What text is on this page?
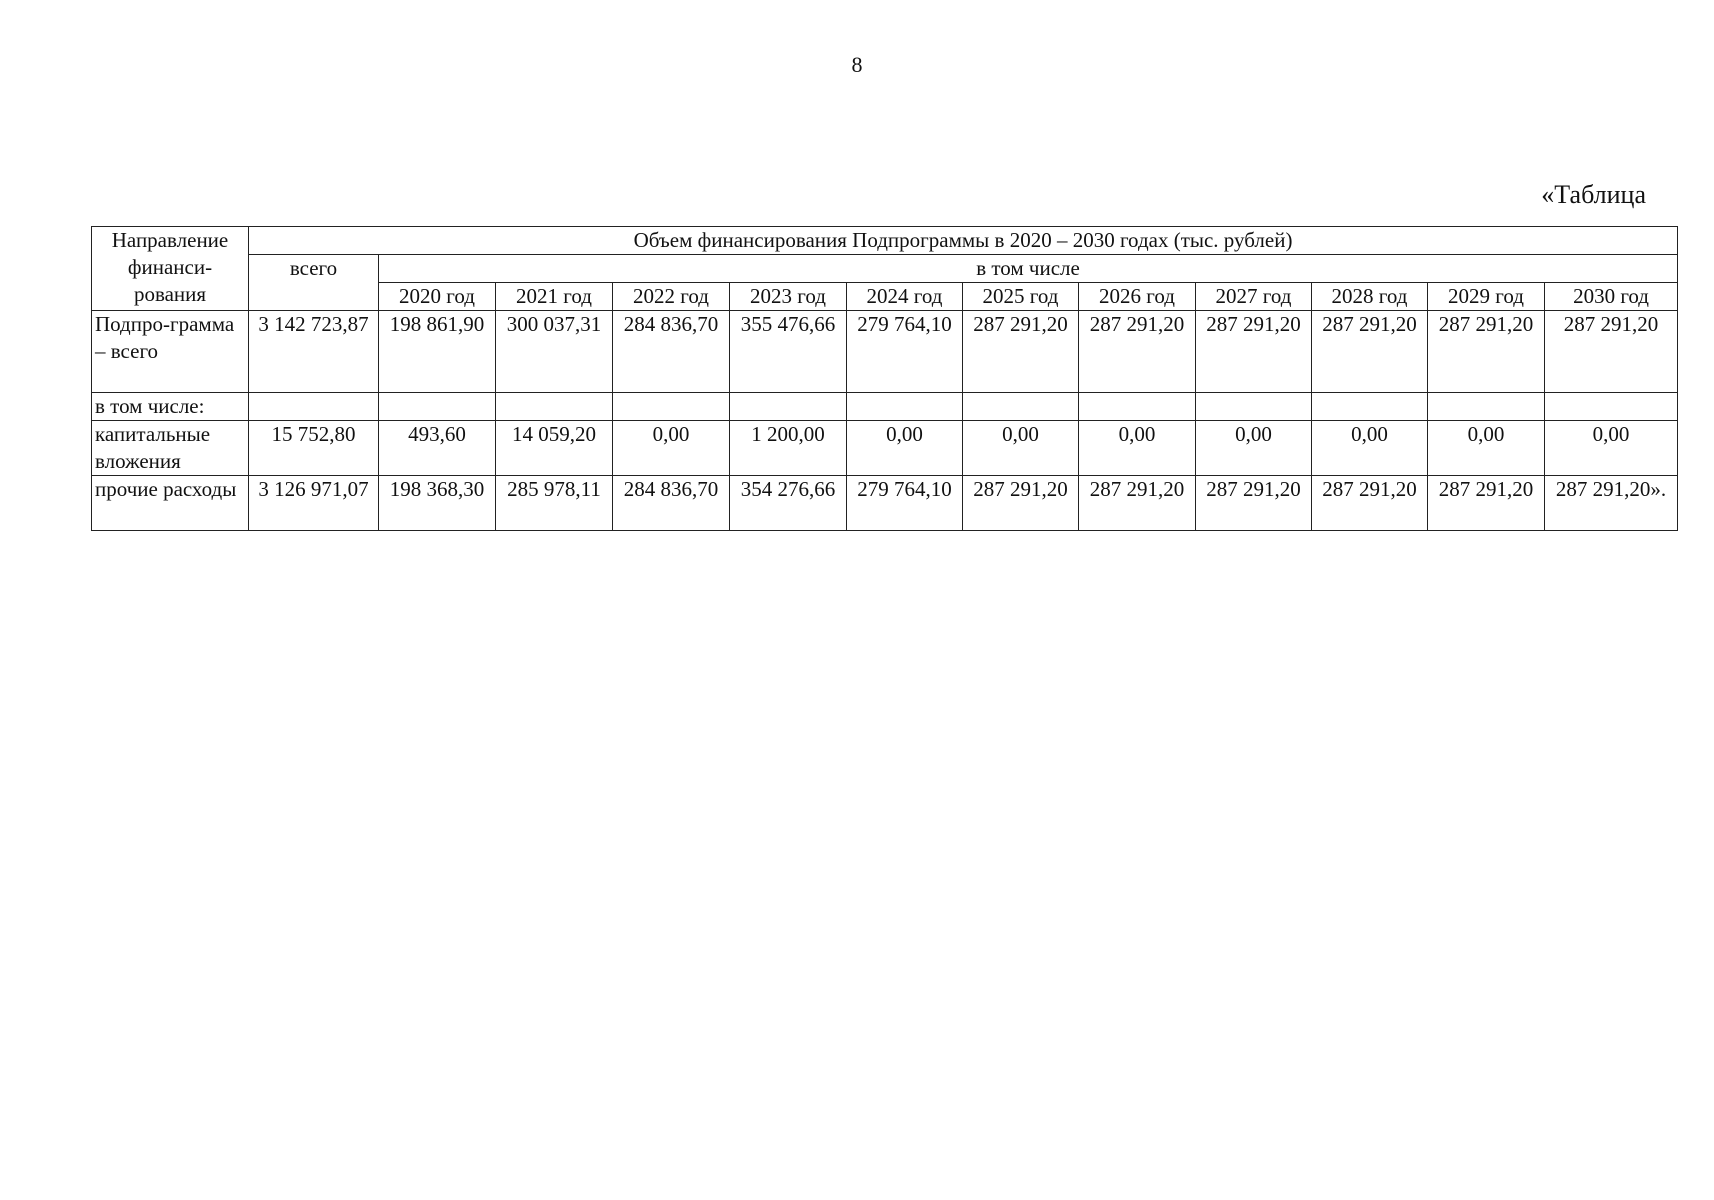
8
«Таблица
Направление финанси-рования	Объем финансирования Подпрограммы в 2020 – 2030 годах (тыс. рублей)											
	всего	в том числе										
		2020 год	2021 год	2022 год	2023 год	2024 год	2025 год	2026 год	2027 год	2028 год	2029 год	2030 год
Подпро-грамма – всего	3 142 723,87	198 861,90	300 037,31	284 836,70	355 476,66	279 764,10	287 291,20	287 291,20	287 291,20	287 291,20	287 291,20	287 291,20
в том числе:												
капитальные вложения	15 752,80	493,60	14 059,20	0,00	1 200,00	0,00	0,00	0,00	0,00	0,00	0,00	0,00
прочие расходы	3 126 971,07	198 368,30	285 978,11	284 836,70	354 276,66	279 764,10	287 291,20	287 291,20	287 291,20	287 291,20	287 291,20	287 291,20».
